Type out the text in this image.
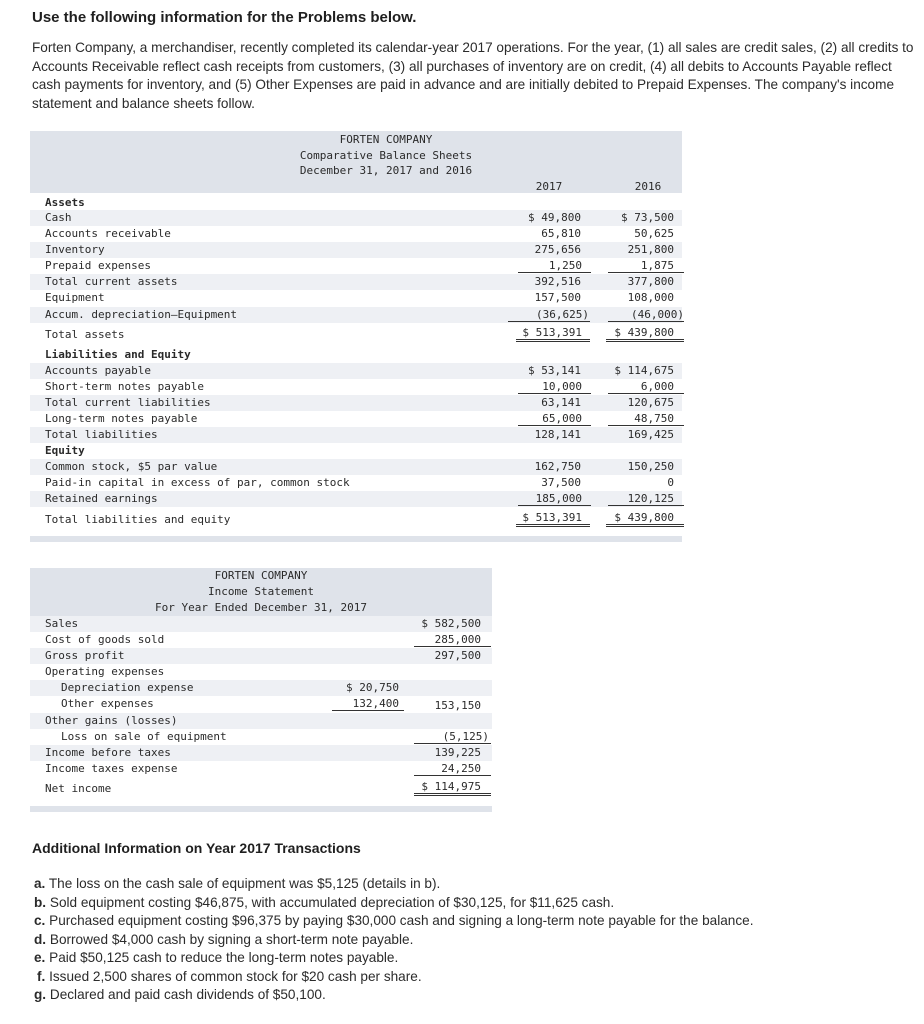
Use the following information for the Problems below.
Forten Company, a merchandiser, recently completed its calendar-year 2017 operations. For the year, (1) all sales are credit sales, (2) all credits to Accounts Receivable reflect cash receipts from customers, (3) all purchases of inventory are on credit, (4) all debits to Accounts Payable reflect cash payments for inventory, and (5) Other Expenses are paid in advance and are initially debited to Prepaid Expenses. The company's income statement and balance sheets follow.
FORTEN COMPANY
Comparative Balance Sheets
December 31, 2017 and 2016
2017	2016
Assets
Cash	$ 49,800	$ 73,500
Accounts receivable	65,810	50,625
Inventory	275,656	251,800
Prepaid expenses	1,250	1,875
Total current assets	392,516	377,800
Equipment	157,500	108,000
Accum. depreciation—Equipment	(36,625)	(46,000)
Total assets	$ 513,391	$ 439,800
Liabilities and Equity
Accounts payable	$ 53,141	$ 114,675
Short-term notes payable	10,000	6,000
Total current liabilities	63,141	120,675
Long-term notes payable	65,000	48,750
Total liabilities	128,141	169,425
Equity
Common stock, $5 par value	162,750	150,250
Paid-in capital in excess of par, common stock	37,500	0
Retained earnings	185,000	120,125
Total liabilities and equity	$ 513,391	$ 439,800
FORTEN COMPANY
Income Statement
For Year Ended December 31, 2017
Sales	$ 582,500
Cost of goods sold	285,000
Gross profit	297,500
Operating expenses
Depreciation expense	$ 20,750
Other expenses	132,400	153,150
Other gains (losses)
Loss on sale of equipment	(5,125)
Income before taxes	139,225
Income taxes expense	24,250
Net income	$ 114,975
Additional Information on Year 2017 Transactions
a. The loss on the cash sale of equipment was $5,125 (details in b).
b. Sold equipment costing $46,875, with accumulated depreciation of $30,125, for $11,625 cash.
c. Purchased equipment costing $96,375 by paying $30,000 cash and signing a long-term note payable for the balance.
d. Borrowed $4,000 cash by signing a short-term note payable.
e. Paid $50,125 cash to reduce the long-term notes payable.
f. Issued 2,500 shares of common stock for $20 cash per share.
g. Declared and paid cash dividends of $50,100.
